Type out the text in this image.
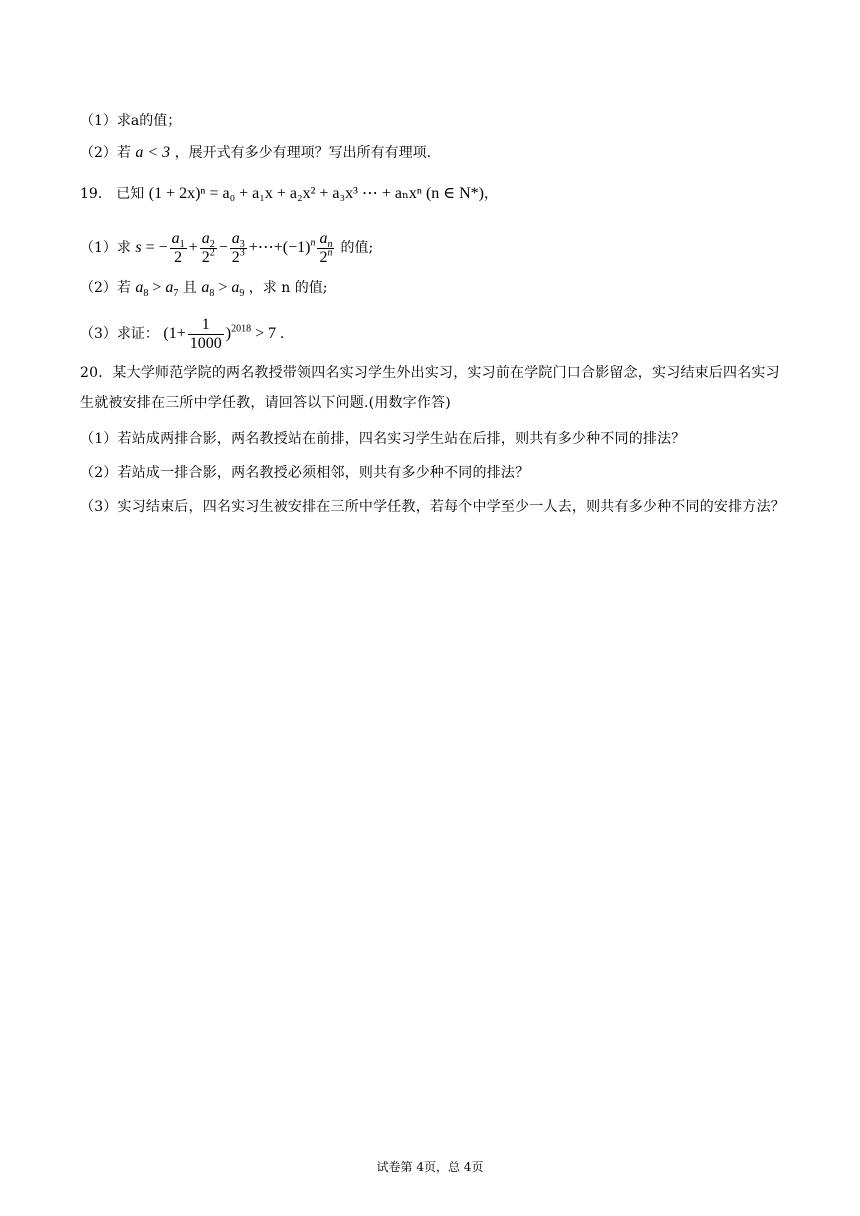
（1）求a的值；
（2）若 a < 3 ，展开式有多少有理项？写出所有有理项.
19． 已知 (1 + 2x)ⁿ = a₀ + a₁x + a₂x² + a₃x³ ⋯ + aₙxⁿ (n ∈ N*)，
（1）求 s = − $\frac{a_1}{2} + \frac{a_2}{2^2} - \frac{a_3}{2^3}$ $+\cdots+(-1)^n \frac{a_n}{2^n}$ 的值;
（2）若 $a_8 > a_7$ 且 $a_8 > a_9$ ，求 n 的值;
（3）求证： $(1+ \frac{1}{1000} )^{2018} > 7$ .
20．某大学师范学院的两名教授带领四名实习学生外出实习，实习前在学院门口合影留念，实习结束后四名实习生就被安排在三所中学任教，请回答以下问题.(用数字作答)
（1）若站成两排合影，两名教授站在前排，四名实习学生站在后排，则共有多少种不同的排法？
（2）若站成一排合影，两名教授必须相邻，则共有多少种不同的排法？
（3）实习结束后，四名实习生被安排在三所中学任教，若每个中学至少一人去，则共有多少种不同的安排方法？
试卷第 4页，总 4页
